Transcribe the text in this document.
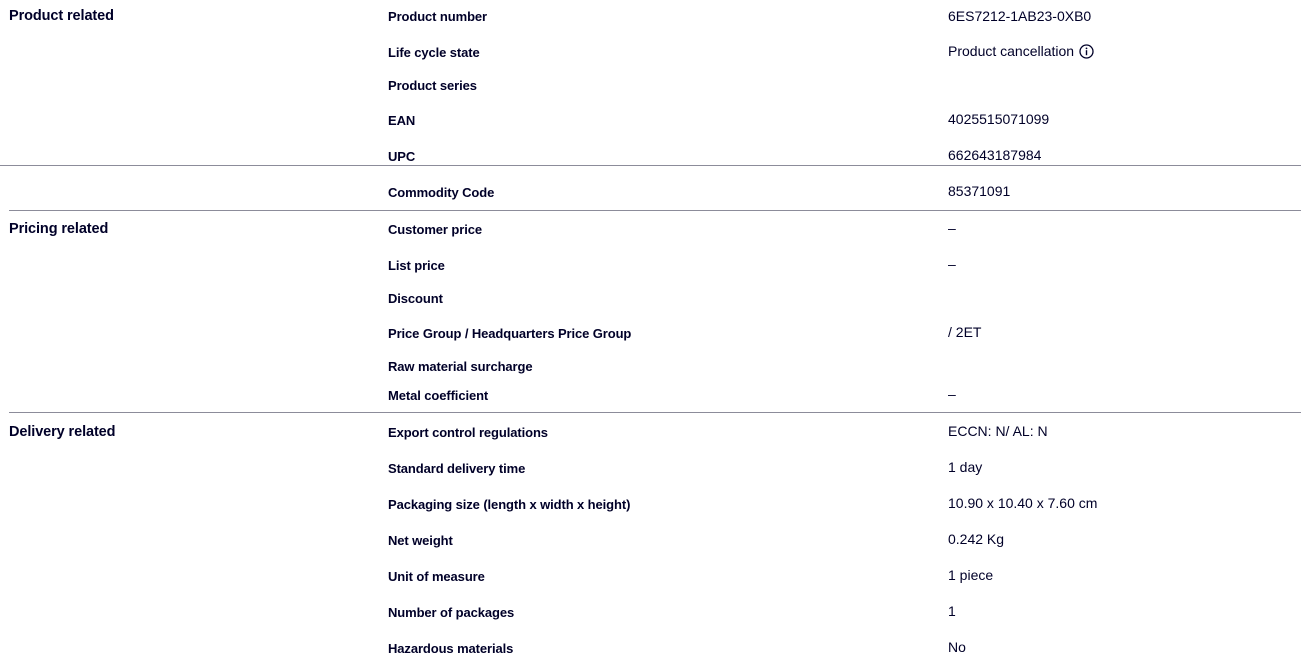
Product related	Product number	6ES7212-1AB23-0XB0
Life cycle state	Product cancellation
Product series
EAN	4025515071099
UPC	662643187984
Commodity Code	85371091
Pricing related	Customer price	–
List price	–
Discount
Price Group / Headquarters Price Group	/ 2ET
Raw material surcharge
Metal coefficient	–
Delivery related	Export control regulations	ECCN: N/ AL: N
Standard delivery time	1 day
Packaging size (length x width x height)	10.90 x 10.40 x 7.60 cm
Net weight	0.242 Kg
Unit of measure	1 piece
Number of packages	1
Hazardous materials	No
